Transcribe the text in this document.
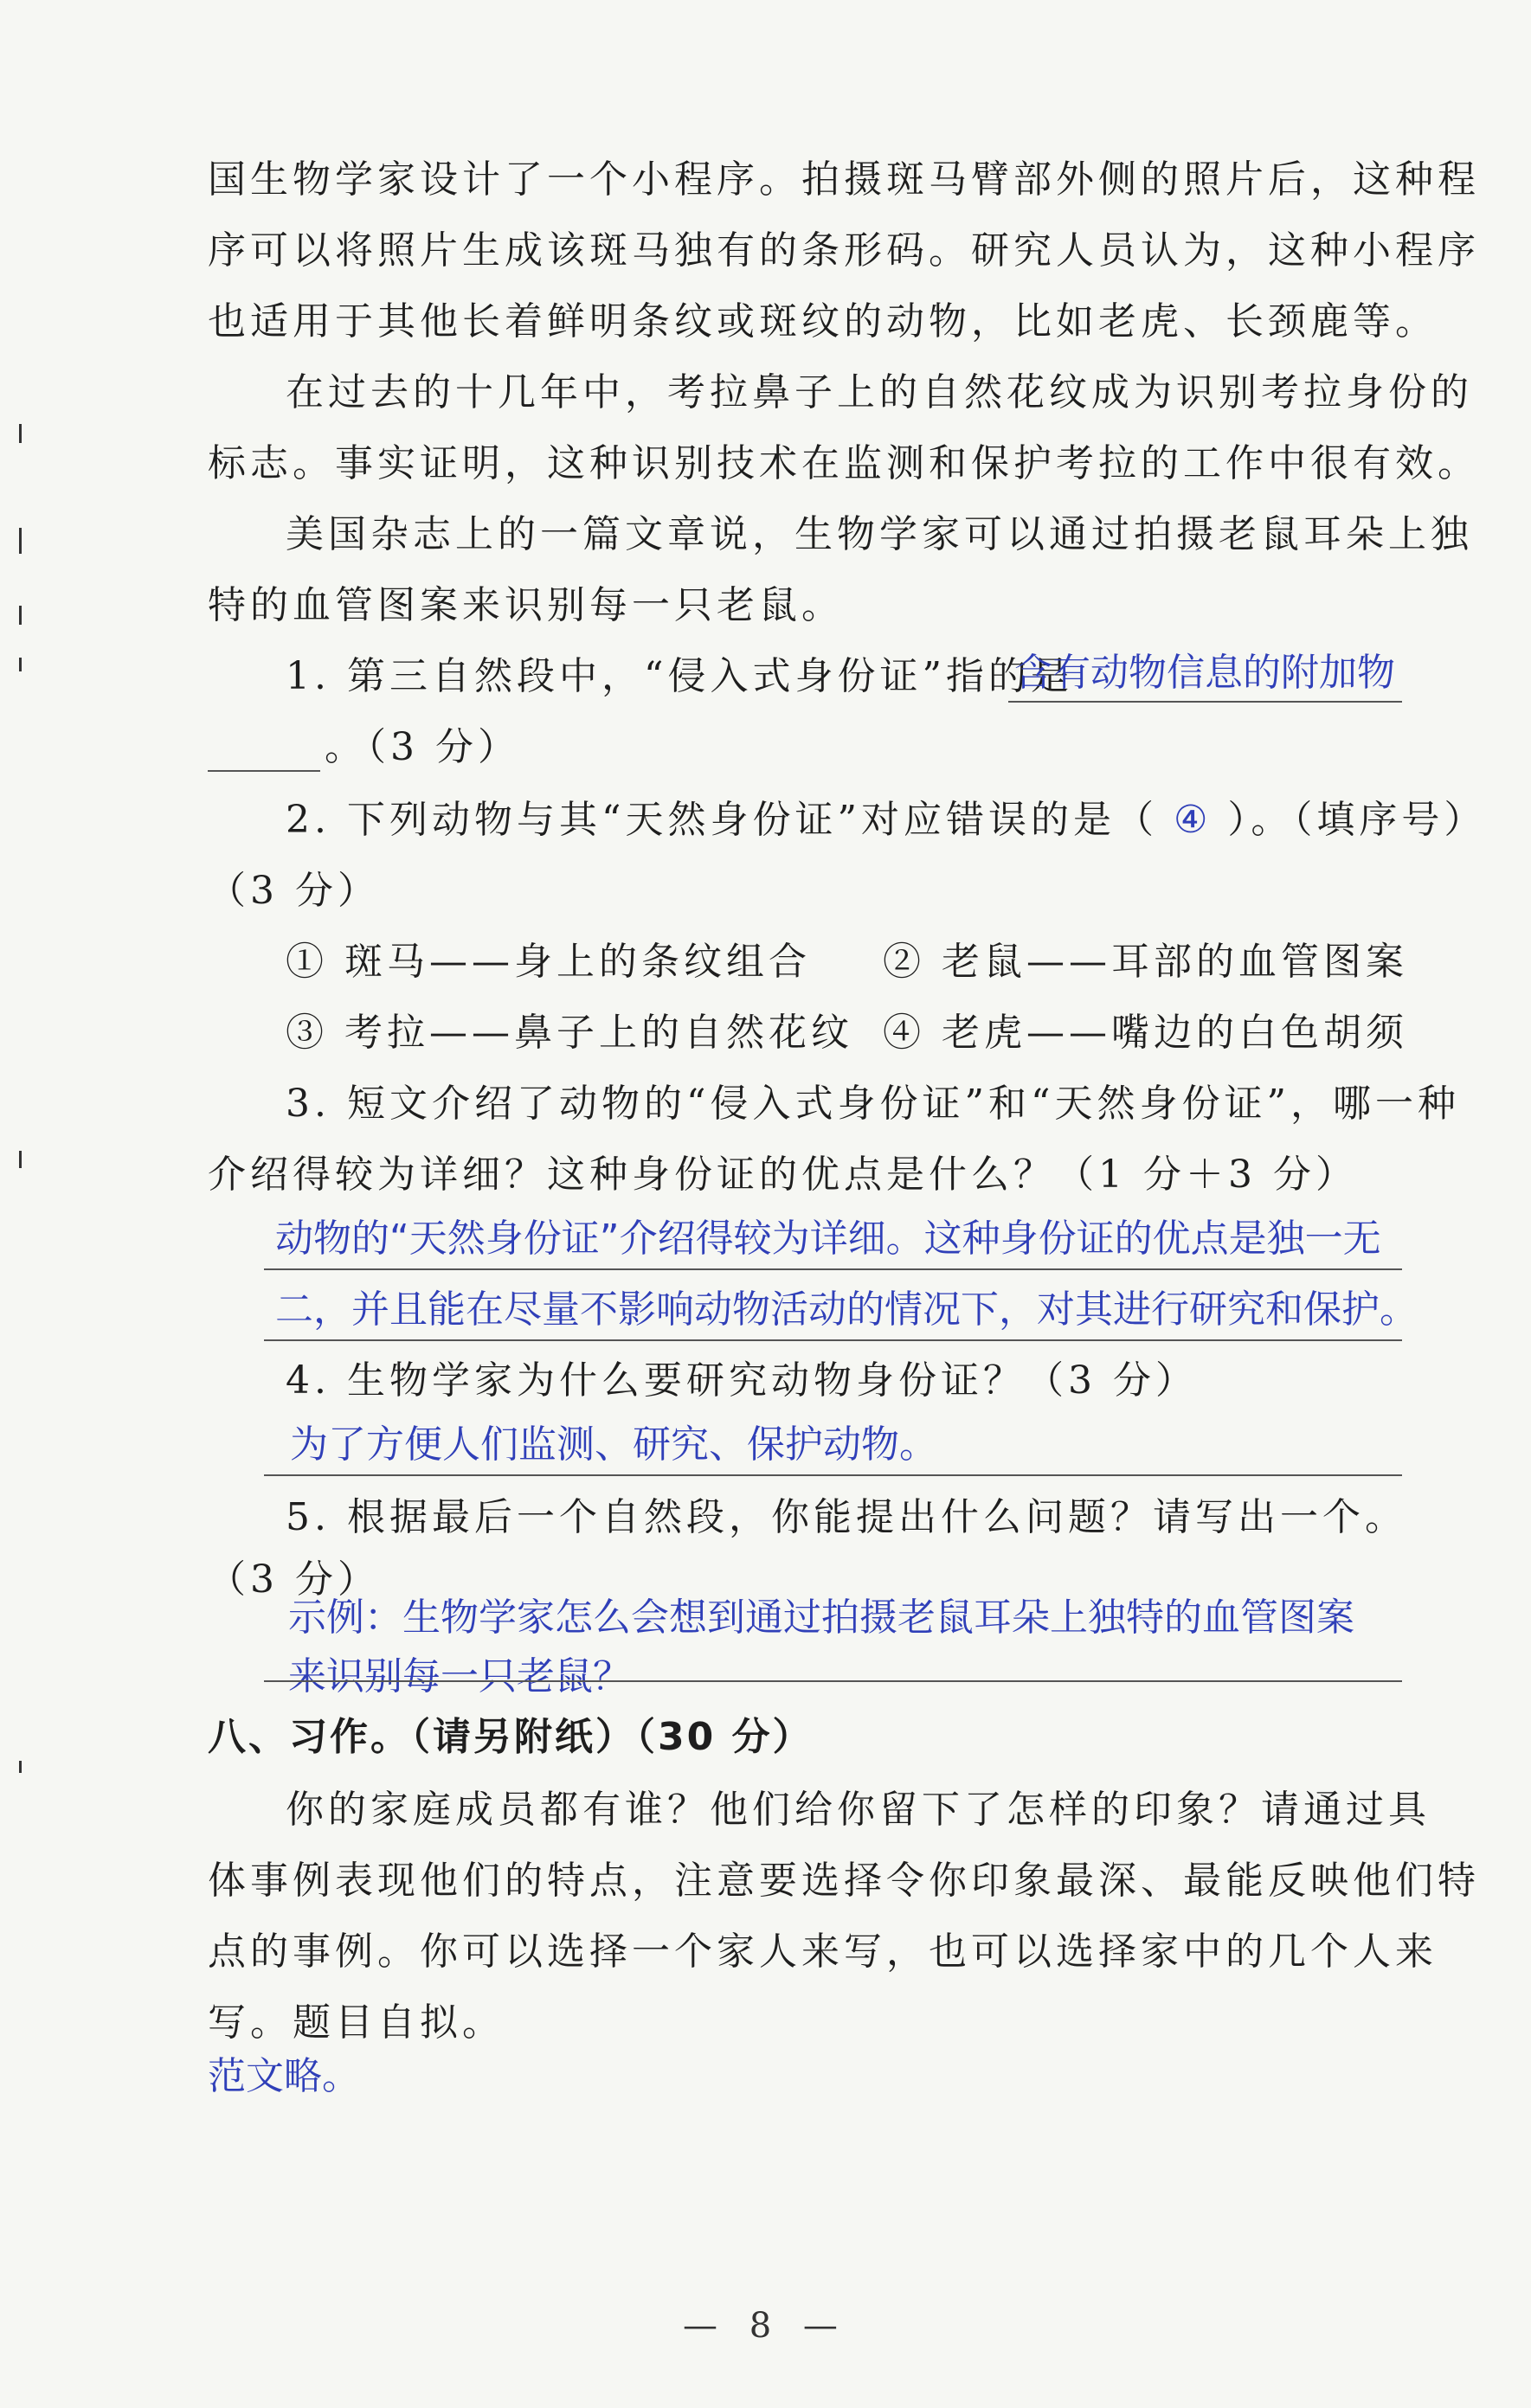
国生物学家设计了一个小程序。拍摄斑马臂部外侧的照片后，这种程
序可以将照片生成该斑马独有的条形码。研究人员认为，这种小程序
也适用于其他长着鲜明条纹或斑纹的动物，比如老虎、长颈鹿等。
在过去的十几年中，考拉鼻子上的自然花纹成为识别考拉身份的
标志。事实证明，这种识别技术在监测和保护考拉的工作中很有效。
美国杂志上的一篇文章说，生物学家可以通过拍摄老鼠耳朵上独
特的血管图案来识别每一只老鼠。
1. 第三自然段中，“侵入式身份证”指的是
含有动物信息的附加物
。（3 分）
2. 下列动物与其“天然身份证”对应错误的是（ ④ ）。（填序号）
（3 分）
① 斑马——身上的条纹组合	② 老鼠——耳部的血管图案
③ 考拉——鼻子上的自然花纹 ④ 老虎——嘴边的白色胡须
3. 短文介绍了动物的“侵入式身份证”和“天然身份证”，哪一种
介绍得较为详细？这种身份证的优点是什么？（1 分＋3 分）
动物的“天然身份证”介绍得较为详细。这种身份证的优点是独一无
二，并且能在尽量不影响动物活动的情况下，对其进行研究和保护。
4. 生物学家为什么要研究动物身份证？（3 分）
为了方便人们监测、研究、保护动物。
5. 根据最后一个自然段，你能提出什么问题？请写出一个。
（3 分）
示例：生物学家怎么会想到通过拍摄老鼠耳朵上独特的血管图案
来识别每一只老鼠？
八、习作。（请另附纸）（30 分）
你的家庭成员都有谁？他们给你留下了怎样的印象？请通过具
体事例表现他们的特点，注意要选择令你印象最深、最能反映他们特
点的事例。你可以选择一个家人来写，也可以选择家中的几个人来
写。题目自拟。
范文略。
— 8 —
